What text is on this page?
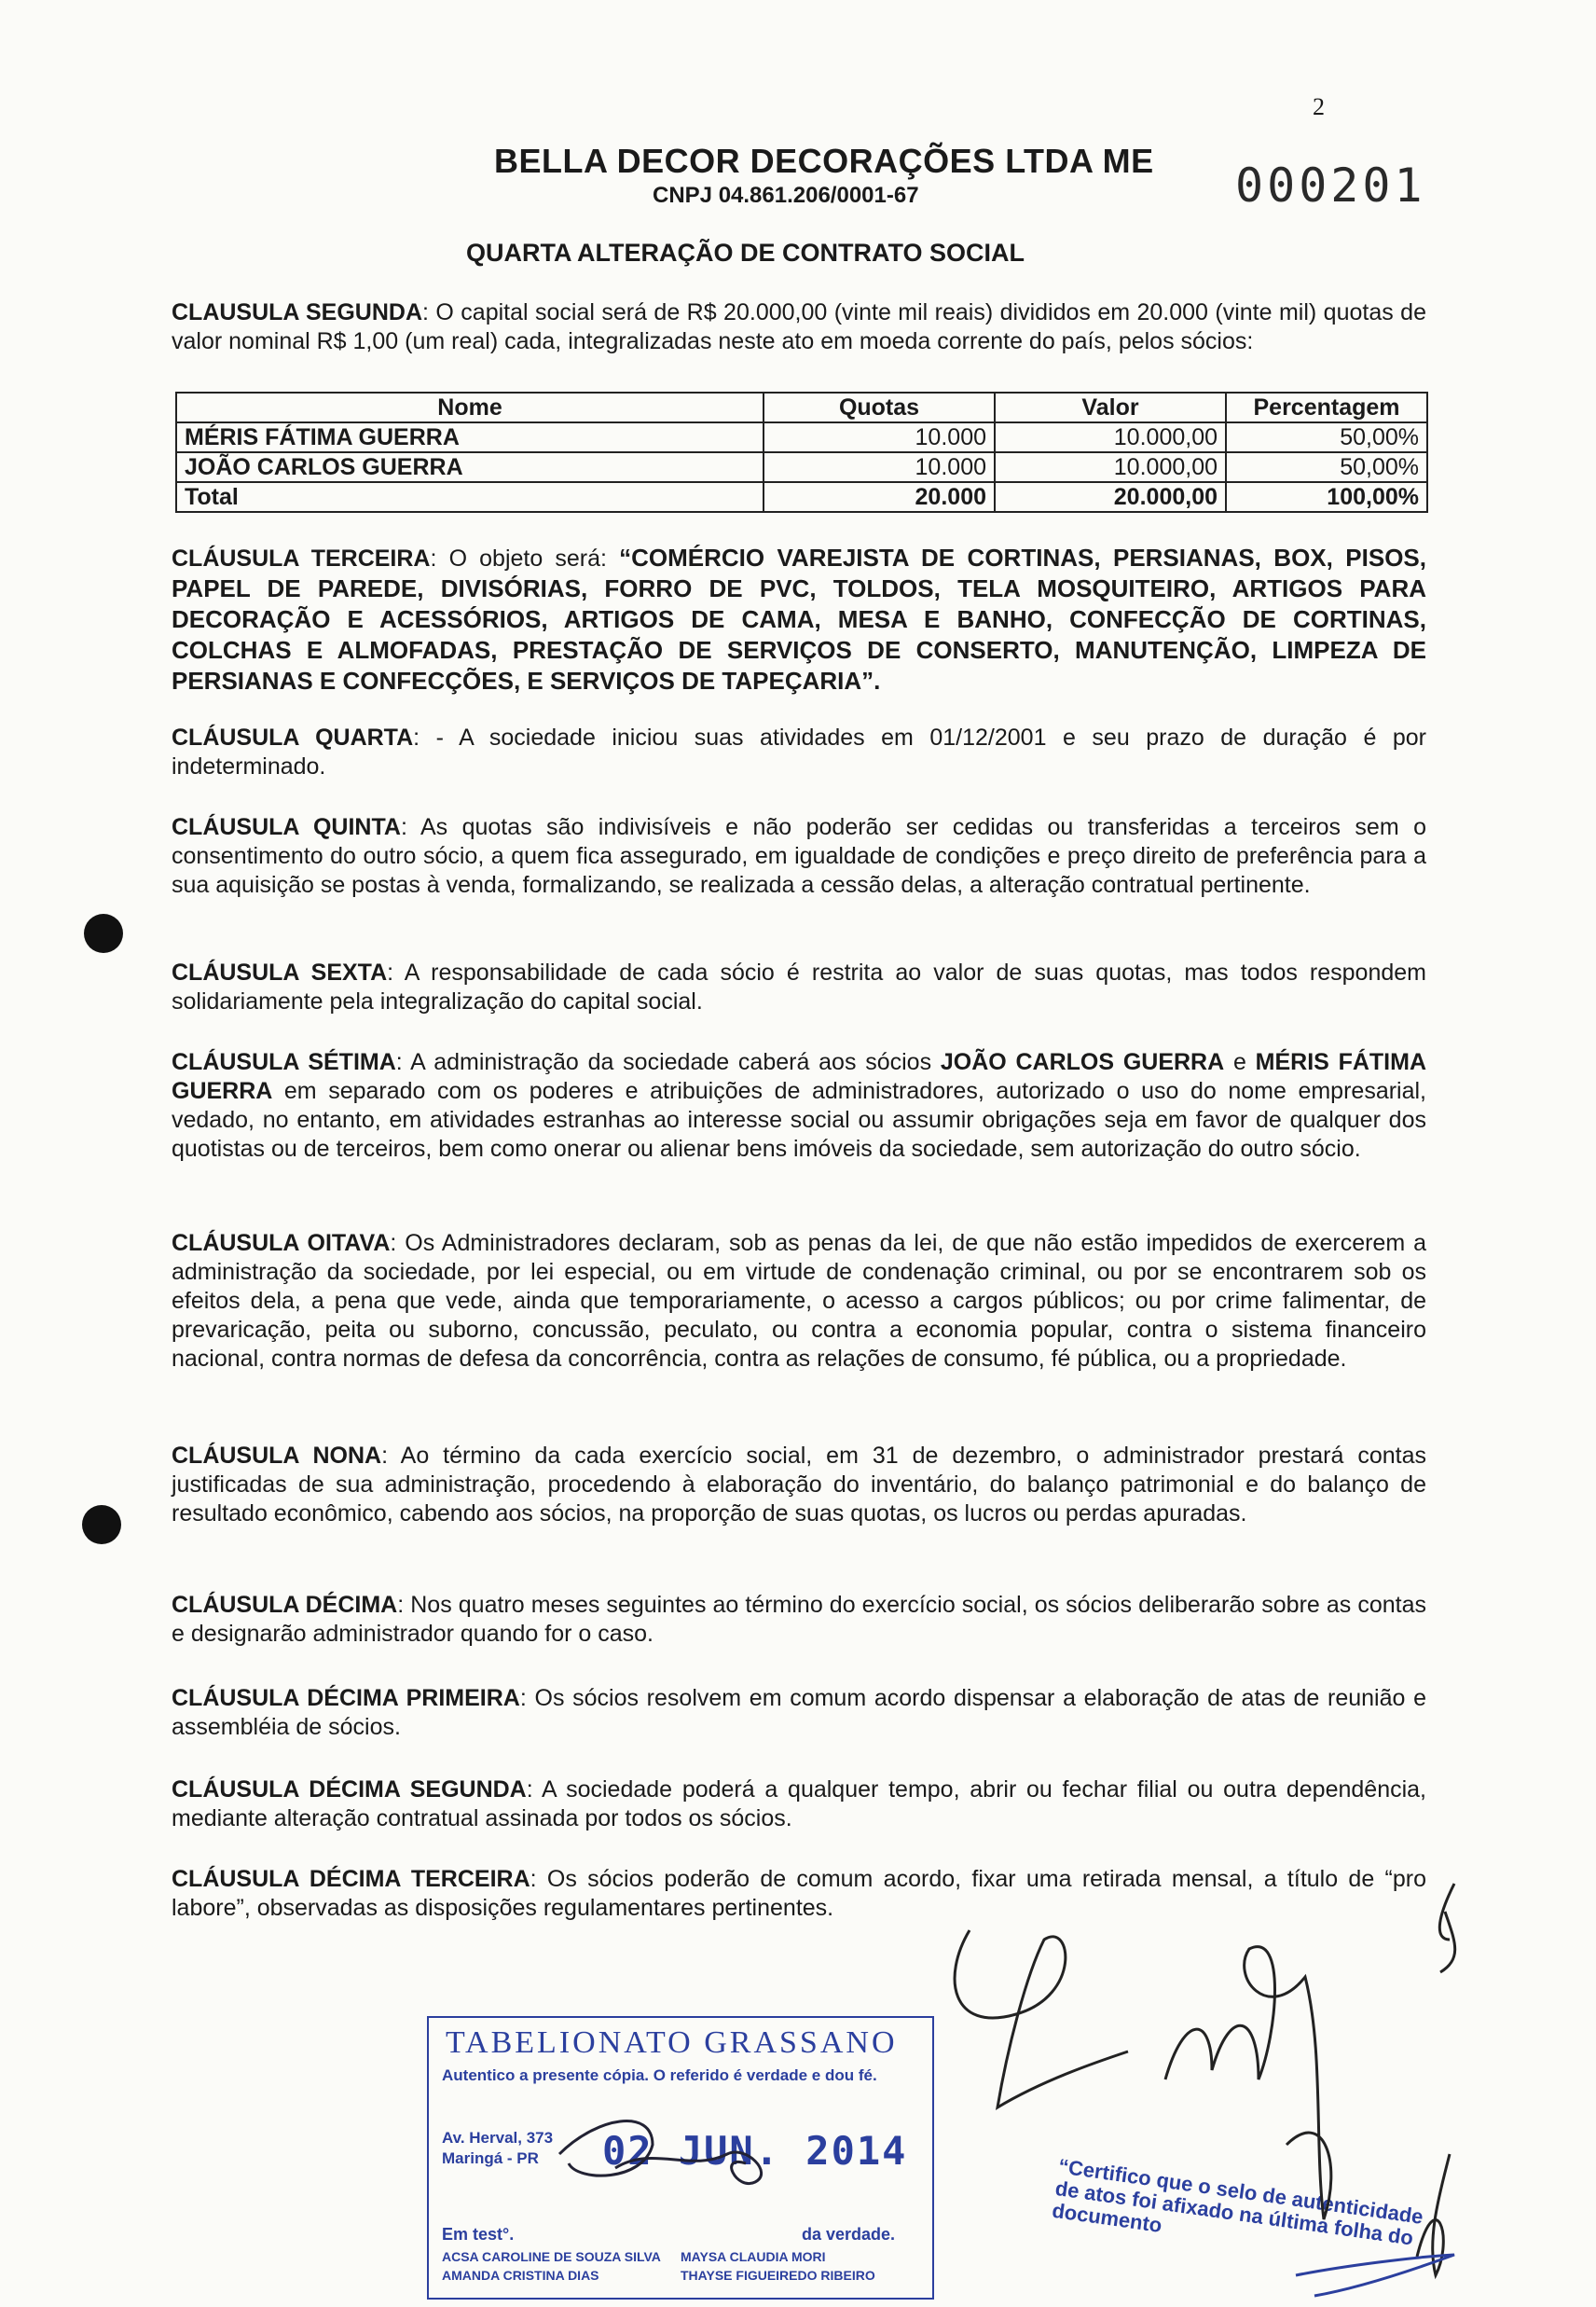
2
BELLA DECOR DECORAÇÕES LTDA ME
CNPJ 04.861.206/0001-67	000201
QUARTA ALTERAÇÃO DE CONTRATO SOCIAL
CLAUSULA SEGUNDA: O capital social será de R$ 20.000,00 (vinte mil reais) divididos em 20.000 (vinte mil) quotas de valor nominal R$ 1,00 (um real) cada, integralizadas neste ato em moeda corrente do país, pelos sócios:
Nome	Quotas	Valor	Percentagem
MÉRIS FÁTIMA GUERRA	10.000	10.000,00	50,00%
JOÃO CARLOS GUERRA	10.000	10.000,00	50,00%
Total	20.000	20.000,00	100,00%
CLÁUSULA TERCEIRA: O objeto será: “COMÉRCIO VAREJISTA DE CORTINAS, PERSIANAS, BOX, PISOS, PAPEL DE PAREDE, DIVISÓRIAS, FORRO DE PVC, TOLDOS, TELA MOSQUITEIRO, ARTIGOS PARA DECORAÇÃO E ACESSÓRIOS, ARTIGOS DE CAMA, MESA E BANHO, CONFECÇÃO DE CORTINAS, COLCHAS E ALMOFADAS, PRESTAÇÃO DE SERVIÇOS DE CONSERTO, MANUTENÇÃO, LIMPEZA DE PERSIANAS E CONFECÇÕES, E SERVIÇOS DE TAPEÇARIA”.
CLÁUSULA QUARTA: - A sociedade iniciou suas atividades em 01/12/2001 e seu prazo de duração é por indeterminado.
CLÁUSULA QUINTA: As quotas são indivisíveis e não poderão ser cedidas ou transferidas a terceiros sem o consentimento do outro sócio, a quem fica assegurado, em igualdade de condições e preço direito de preferência para a sua aquisição se postas à venda, formalizando, se realizada a cessão delas, a alteração contratual pertinente.
CLÁUSULA SEXTA: A responsabilidade de cada sócio é restrita ao valor de suas quotas, mas todos respondem solidariamente pela integralização do capital social.
CLÁUSULA SÉTIMA: A administração da sociedade caberá aos sócios JOÃO CARLOS GUERRA e MÉRIS FÁTIMA GUERRA em separado com os poderes e atribuições de administradores, autorizado o uso do nome empresarial, vedado, no entanto, em atividades estranhas ao interesse social ou assumir obrigações seja em favor de qualquer dos quotistas ou de terceiros, bem como onerar ou alienar bens imóveis da sociedade, sem autorização do outro sócio.
CLÁUSULA OITAVA: Os Administradores declaram, sob as penas da lei, de que não estão impedidos de exercerem a administração da sociedade, por lei especial, ou em virtude de condenação criminal, ou por se encontrarem sob os efeitos dela, a pena que vede, ainda que temporariamente, o acesso a cargos públicos; ou por crime falimentar, de prevaricação, peita ou suborno, concussão, peculato, ou contra a economia popular, contra o sistema financeiro nacional, contra normas de defesa da concorrência, contra as relações de consumo, fé pública, ou a propriedade.
CLÁUSULA NONA: Ao término da cada exercício social, em 31 de dezembro, o administrador prestará contas justificadas de sua administração, procedendo à elaboração do inventário, do balanço patrimonial e do balanço de resultado econômico, cabendo aos sócios, na proporção de suas quotas, os lucros ou perdas apuradas.
CLÁUSULA DÉCIMA: Nos quatro meses seguintes ao término do exercício social, os sócios deliberarão sobre as contas e designarão administrador quando for o caso.
CLÁUSULA DÉCIMA PRIMEIRA: Os sócios resolvem em comum acordo dispensar a elaboração de atas de reunião e assembléia de sócios.
CLÁUSULA DÉCIMA SEGUNDA: A sociedade poderá a qualquer tempo, abrir ou fechar filial ou outra dependência, mediante alteração contratual assinada por todos os sócios.
CLÁUSULA DÉCIMA TERCEIRA: Os sócios poderão de comum acordo, fixar uma retirada mensal, a título de “pro labore”, observadas as disposições regulamentares pertinentes.
TABELIONATO GRASSANO
Autentico a presente cópia. O referido é verdade e dou fé.
Av. Herval, 373
Maringá - PR	02 JUN. 2014
Em test°.	da verdade.
ACSA CAROLINE DE SOUZA SILVA MAYSA CLAUDIA MORI
AMANDA CRISTINA DIAS	THAYSE FIGUEIREDO RIBEIRO
“Certifico que o selo de autenticidade de atos foi afixado na última folha do documento
